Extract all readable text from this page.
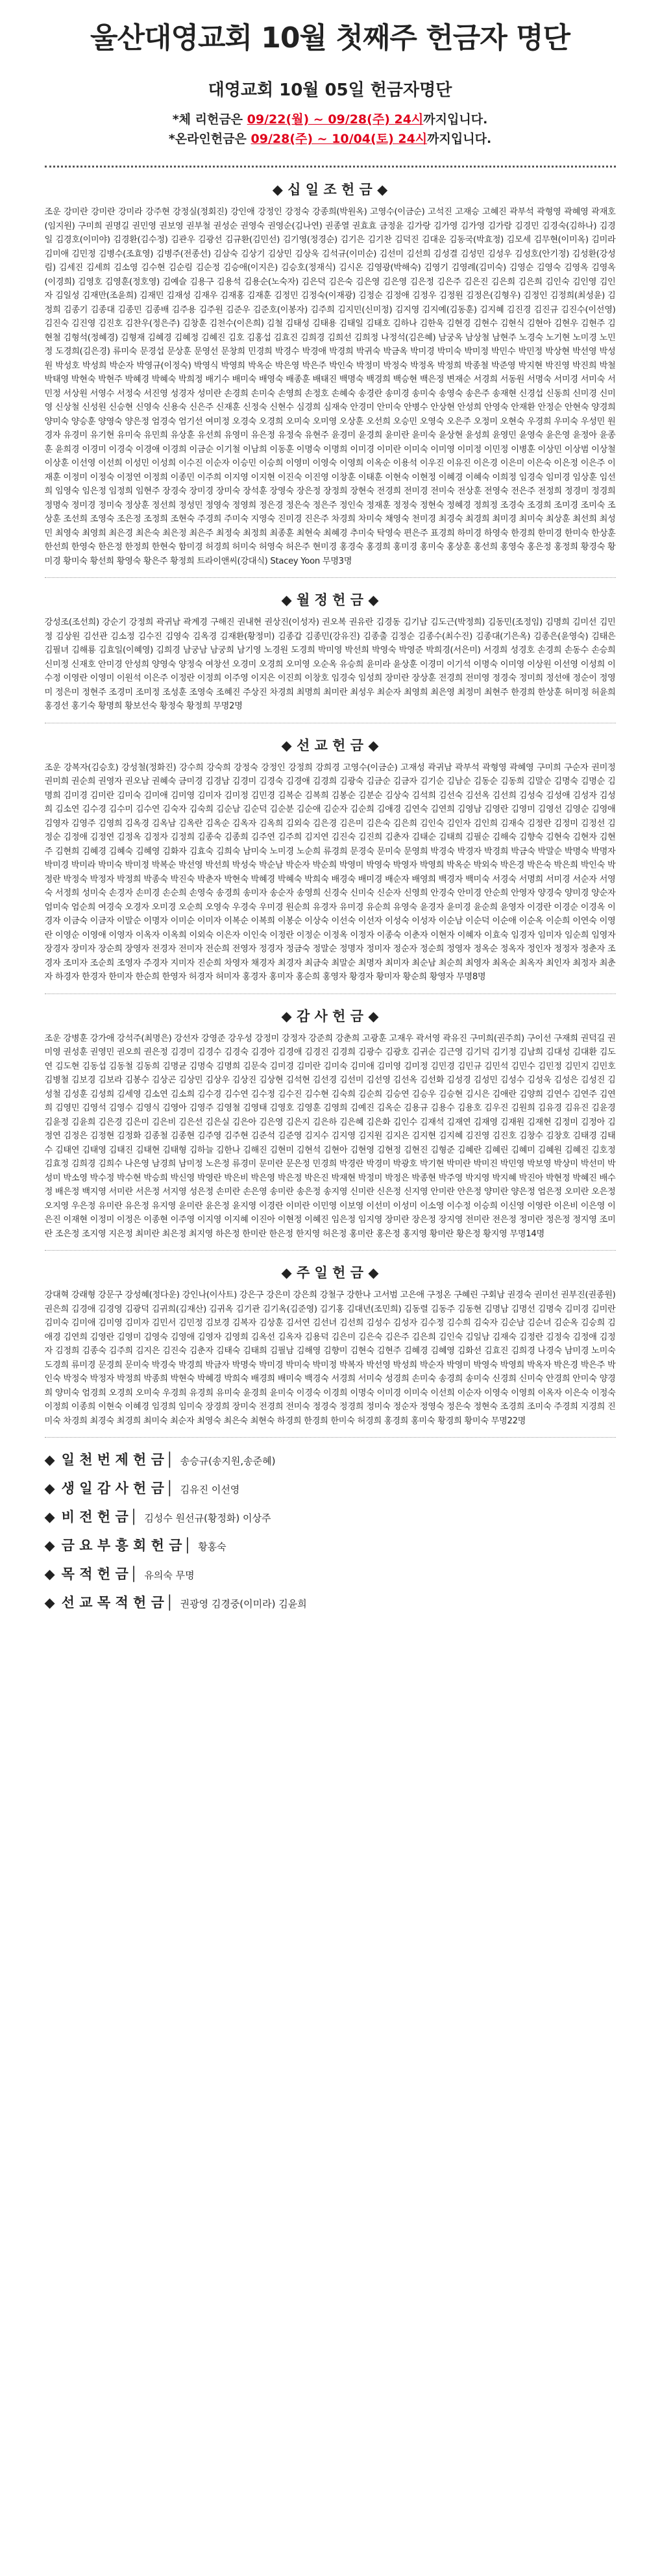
울산대영교회 10월 첫째주 헌금자 명단
대영교회 10월 05일 헌금자명단
*체 리헌금은 09/22(월) ~ 09/28(주) 24시까지입니다.
*온라인헌금은 09/28(주) ~ 10/04(토) 24시까지입니다.
◆ 십 일 조 헌 금 ◆
조운 강미란 강미란 강미라 강주현 강정실(정회진) 강인애 강정인 강정숙 강종희(박원옥) 고영수(이금순) 고석진 고재승 고혜진 곽부석 곽형영 곽혜영 곽재호(임지원) 구미희 권명길 권민영 권보영 권부철 권성순 권영숙 권영순(김나연) 권종열 권효효 금정윤 김가랑 김가영 김가영 김가람 김경민 김경숙(김하나) 김경일 김경호(이미야) 김경환(김수정) 김관우 김광선 김규환(김민선) 김기영(정경순) 김기은 김기찬 김덕진 김대운 김동국(박효정) 김모세 김무현(이미옥) 김미라 김미애 김민정 김병수(조효영) 김병주(전종선) 김삼숙 김상기 김상민 김상욱 김석규(이미순) 김선미 김선희 김성결 김성민 김성우 김성호(안기정) 김성환(강성림) 김세진 김세희 김소영 김수현 김순림 김순정 김승애(이지은) 김승호(정재식) 김시온 김영광(박해숙) 김영기 김영례(김미숙) 김영순 김영숙 김영옥 김영옥(이경희) 김영호 김영훈(정호영) 김예슬 김용구 김용석 김용순(노숙자) 김은덕 김은숙 김은영 김은영 김은정 김은주 김은진 김은희 김은희 김인숙 김인영 김인자 김일성 김재만(조윤희) 김재민 김재성 김재우 김재홍 김재훈 김정민 김정숙(이재광) 김정순 김정애 김정우 김정원 김정은(김형우) 김정인 김정희(최성윤) 김정희 김종기 김종대 김종민 김종배 김주용 김주원 김준우 김준호(이봉자) 김주희 김지민(신미정) 김지영 김지예(김동훈) 김지혜 김진경 김진규 김진수(이선영) 김진숙 김진영 김진호 김찬우(정은주) 김창훈 김천수(이은희) 김철 김태성 김태용 김태일 김태호 김하나 김한욱 김현경 김현수 김현식 김현아 김현우 김현주 김현철 김형석(정혜경) 김형재 김혜경 김혜정 김혜진 김호 김홍섭 김효진 김희경 김희선 김희정 나정석(김은혜) 남궁옥 남상철 남현주 노경숙 노기현 노미경 노민정 도경희(김은경) 류미숙 문경섭 문상훈 문영선 문창희 민경희 박경수 박경애 박경희 박귀숙 박금옥 박미경 박미숙 박미정 박민수 박민정 박상현 박선영 박성원 박성호 박성희 박순자 박영규(이정숙) 박영식 박영희 박옥순 박은영 박은주 박인숙 박정미 박정숙 박정옥 박정희 박종철 박준영 박지현 박진영 박진희 박철 박태영 박현숙 박현주 박혜경 박혜숙 박희정 배기수 배미숙 배영숙 배종훈 배태진 백명숙 백경희 백승현 백은정 변재순 서경희 서동원 서명숙 서미경 서미숙 서민정 서상원 서영수 서정숙 서진영 성경자 성미란 손경희 손미숙 손영희 손정호 손혜숙 송경란 송미경 송미숙 송영숙 송은주 송재현 신경섭 신동희 신미경 신미영 신상철 신성원 신승현 신영숙 신용숙 신은주 신재훈 신정숙 신현수 심경희 심재숙 안경미 안미숙 안병수 안상현 안성희 안영숙 안재환 안정순 안현숙 양경희 양미숙 양승훈 양영숙 양은정 엄경숙 엄기선 여미정 오경숙 오경희 오미숙 오미영 오상훈 오선희 오승민 오영숙 오은주 오정미 오현숙 우경희 우미숙 우성민 원경자 유경미 유기현 유미숙 유민희 유상훈 유선희 유영미 유은정 유정숙 유현주 윤경미 윤경희 윤미란 윤미숙 윤상현 윤성희 윤영민 윤영숙 윤은영 윤정아 윤종훈 윤희경 이경미 이경숙 이경애 이경희 이금순 이기철 이남희 이동훈 이명숙 이명희 이미경 이미란 이미숙 이미영 이미정 이민정 이병훈 이상민 이상범 이상철 이상훈 이선영 이선희 이성민 이성희 이수진 이순자 이승민 이승희 이영미 이영숙 이영희 이옥순 이용석 이우진 이유진 이은경 이은미 이은숙 이은정 이은주 이재훈 이정미 이정숙 이정연 이정희 이종민 이주희 이지영 이지현 이진숙 이진영 이창훈 이태훈 이현숙 이현정 이혜경 이혜숙 이희정 임경숙 임미경 임상훈 임선희 임영숙 임은정 임정희 임현주 장경숙 장미경 장미숙 장석훈 장영숙 장은정 장정희 장현숙 전경희 전미경 전미숙 전상훈 전영숙 전은주 전정희 정경미 정경희 정명숙 정미경 정미숙 정상훈 정선희 정성민 정영숙 정영희 정은경 정은숙 정은주 정인숙 정재훈 정정숙 정현숙 정혜경 정희정 조경숙 조경희 조미경 조미숙 조상훈 조선희 조영숙 조은정 조정희 조현숙 주경희 주미숙 지영숙 진미경 진은주 차경희 차미숙 채영숙 천미경 최경숙 최경희 최미경 최미숙 최상훈 최선희 최성민 최영숙 최영희 최은경 최은숙 최은정 최은주 최정숙 최정희 최종훈 최현숙 최혜경 추미숙 탁영숙 편은주 표경희 하미경 하영숙 한경희 한미경 한미숙 한상훈 한선희 한영숙 한은정 한정희 한현숙 함미경 허경희 허미숙 허영숙 허은주 현미경 홍경숙 홍경희 홍미경 홍미숙 홍상훈 홍선희 홍영숙 홍은정 홍정희 황경숙 황미경 황미숙 황선희 황영숙 황은주 황정희 트라이앤씨(강대식) Stacey Yoon 무명3명
◆ 월 정 헌 금 ◆
강성조(조선희) 강순기 강정희 곽귀남 곽계경 구해진 권내현 권상진(이성자) 권오복 권유란 김경동 김기남 김도근(박정희) 김동민(조정임) 김명희 김미선 김민정 김상원 김선관 김소정 김수진 김영숙 김옥경 김재환(황정미) 김종갑 김종민(강유진) 김종출 김정순 김종수(최수진) 김종대(기은옥) 김종은(윤영숙) 김태은 김필녀 김해룡 김효일(이혜영) 김희경 남궁남 남궁희 남기영 노경원 도경희 박미영 박선희 박영숙 박영준 박희경(서은미) 서경희 성경호 손경희 손동수 손승희 신미정 신재호 안미경 안성희 양영숙 양정숙 여창선 오경미 오경희 오미영 오순옥 유승희 윤미라 윤상훈 이경미 이기석 이명숙 이미영 이상원 이선영 이성희 이수정 이영란 이영미 이원석 이은주 이정란 이정희 이주영 이지은 이진희 이창호 임경숙 임성희 장미란 장상훈 전경희 전미영 정경숙 정미희 정선애 정순이 정영미 정은미 정현주 조경미 조미정 조성훈 조영숙 조혜진 주상진 차경희 최명희 최미란 최성우 최순자 최영희 최은영 최정미 최현주 한경희 한상훈 허미정 허윤희 홍경선 홍기숙 황명희 황보선숙 황정숙 황정희 무명2명
◆ 선 교 헌 금 ◆
조운 강복자(김승호) 강성철(정화진) 강수희 강숙희 강정숙 강정인 강정희 강희경 고영수(이금순) 고재성 곽귀남 곽부석 곽형영 곽혜영 구미희 구순자 권미정 권미희 권순희 권영자 권오남 권혜숙 금미경 김경남 김경미 김경숙 김경애 김경희 김광숙 김금순 김금자 김기순 김남순 김동순 김동희 김말순 김명숙 김명순 김명희 김미경 김미란 김미숙 김미애 김미영 김미자 김미정 김민경 김복순 김복희 김봉순 김분순 김상숙 김석희 김선숙 김선옥 김선희 김성숙 김성애 김성자 김성희 김소연 김수경 김수미 김수연 김숙자 김숙희 김순남 김순덕 김순분 김순애 김순자 김순희 김애경 김연숙 김연희 김영남 김영란 김영미 김영선 김영순 김영애 김영자 김영주 김영희 김옥경 김옥남 김옥란 김옥순 김옥자 김옥희 김외숙 김은경 김은미 김은숙 김은희 김인숙 김인자 김인희 김재숙 김정란 김정미 김정선 김정순 김정애 김정연 김정옥 김정자 김정희 김종숙 김종희 김주연 김주희 김지연 김진숙 김진희 김춘자 김태순 김태희 김필순 김해숙 김향숙 김현숙 김현자 김현주 김현희 김혜경 김혜숙 김혜영 김화자 김효숙 김희숙 남미숙 노미경 노순희 류경희 문경숙 문미숙 문영희 박경숙 박경자 박경희 박금숙 박말순 박명숙 박명자 박미경 박미라 박미숙 박미정 박복순 박선영 박선희 박성숙 박순남 박순자 박순희 박영미 박영숙 박영자 박영희 박옥순 박외숙 박은경 박은숙 박은희 박인숙 박정란 박정숙 박정자 박정희 박종숙 박진숙 박춘자 박현숙 박혜경 박혜숙 박희숙 배경숙 배미경 배순자 배영희 백경자 백미숙 서경숙 서명희 서미경 서순자 서영숙 서정희 성미숙 손경자 손미경 손순희 손영숙 송경희 송미자 송순자 송영희 신경숙 신미숙 신순자 신영희 안경숙 안미경 안순희 안영자 양경숙 양미경 양순자 엄미숙 엄순희 여경숙 오경자 오미경 오순희 오영숙 우경숙 우미경 원순희 유경자 유미경 유순희 유영숙 윤경자 윤미경 윤순희 윤영자 이경란 이경순 이경옥 이경자 이금숙 이금자 이말순 이명자 이미순 이미자 이복순 이복희 이봉순 이상숙 이선숙 이선자 이성숙 이성자 이순남 이순덕 이순애 이순옥 이순희 이연숙 이영란 이영순 이영애 이영자 이옥자 이옥희 이외숙 이은자 이인숙 이정란 이정순 이정옥 이정자 이종숙 이춘자 이현자 이혜자 이효숙 임경자 임미자 임순희 임영자 장경자 장미자 장순희 장영자 전경자 전미자 전순희 전영자 정경자 정금숙 정말순 정명자 정미자 정순자 정순희 정영자 정옥순 정옥자 정인자 정정자 정춘자 조경자 조미자 조순희 조영자 주경자 지미자 진순희 차영자 채경자 최경자 최금숙 최말순 최명자 최미자 최순남 최순희 최영자 최옥순 최옥자 최인자 최정자 최춘자 하경자 한경자 한미자 한순희 한영자 허경자 허미자 홍경자 홍미자 홍순희 홍영자 황경자 황미자 황순희 황영자 무명8명
◆ 감 사 헌 금 ◆
조운 강병훈 강가애 강석주(최명은) 강선자 강영준 강우성 강정미 강정자 강준희 강춘희 고광훈 고재우 곽서영 곽유진 구미희(권주희) 구이선 구재희 권덕길 권미영 권성훈 권영민 권오희 권은정 김경미 김경수 김경숙 김경아 김경애 김경진 김경희 김광수 김광호 김귀순 김근영 김기덕 김기정 김남희 김대성 김대환 김도연 김도현 김동섭 김동철 김동희 김명균 김명숙 김명희 김문숙 김미경 김미란 김미숙 김미애 김미영 김미정 김민경 김민규 김민석 김민수 김민정 김민지 김민호 김병철 김보경 김보라 김봉수 김상곤 김상민 김상우 김상진 김상현 김석현 김선경 김선미 김선영 김선옥 김선화 김성경 김성민 김성수 김성욱 김성은 김성진 김성철 김성훈 김성희 김세영 김소연 김소희 김수경 김수연 김수정 김수진 김수현 김숙희 김순희 김승연 김승우 김승현 김시은 김애란 김양희 김연수 김연주 김연희 김영민 김영석 김영수 김영식 김영아 김영주 김영철 김영태 김영호 김영훈 김영희 김예진 김옥순 김용규 김용수 김용호 김우진 김원희 김유경 김유진 김윤경 김윤정 김윤희 김은경 김은미 김은비 김은선 김은실 김은아 김은영 김은지 김은하 김은혜 김은화 김인수 김재석 김재연 김재영 김재원 김재현 김정미 김정아 김정연 김정은 김정현 김정화 김종철 김종현 김주영 김주현 김준석 김준영 김지수 김지영 김지원 김지은 김지현 김지혜 김진영 김진호 김창수 김창호 김태경 김태수 김태연 김태영 김태진 김태현 김태형 김하늘 김한나 김해진 김현미 김현석 김현아 김현영 김현정 김현진 김형준 김혜란 김혜린 김혜미 김혜원 김혜진 김호정 김효정 김희경 김희수 나은영 남경희 남미정 노은정 류경미 문미란 문은정 민경희 박경란 박경미 박광호 박기현 박미란 박미진 박민영 박보영 박상미 박선미 박성미 박소영 박수정 박수현 박승희 박신영 박영란 박은비 박은영 박은정 박은진 박재현 박정미 박정은 박종현 박주영 박지영 박지혜 박진아 박현정 박혜진 배수정 배은정 백지영 서미란 서은정 서지영 성은정 손미란 손은영 송미란 송은정 송지영 신미란 신은정 신지영 안미란 안은정 양미란 양은정 엄은정 오미란 오은정 오지영 우은정 유미란 유은정 유지영 윤미란 윤은정 윤지영 이경란 이미란 이민영 이보영 이선미 이성미 이소영 이수정 이승희 이신영 이영란 이은비 이은영 이은진 이재현 이정미 이정은 이종현 이주영 이지영 이지혜 이진아 이현정 이혜진 임은정 임지영 장미란 장은정 장지영 전미란 전은정 정미란 정은정 정지영 조미란 조은정 조지영 지은정 최미란 최은정 최지영 하은정 한미란 한은정 한지영 허은정 홍미란 홍은정 홍지영 황미란 황은정 황지영 무명14명
◆ 주 일 헌 금 ◆
강대혁 강래형 강문구 강성혜(정다운) 강인나(이사트) 강은구 강은미 강은희 강철구 강한나 고서범 고은애 구정온 구혜린 구회남 권경숙 권미선 권부진(권종원) 권은희 김경애 김경영 김광덕 김귀희(김재산) 김귀옥 김기관 김기옥(김준영) 김기홍 김대년(조민희) 김동렬 김동주 김동현 김명남 김명선 김명숙 김미경 김미란 김미숙 김미애 김미영 김미자 김민서 김민정 김보경 김복자 김상훈 김서연 김선녀 김선희 김성수 김성자 김수정 김수희 김숙자 김순남 김순녀 김순옥 김승희 김애경 김연희 김영란 김영미 김영숙 김영애 김영자 김영희 김옥선 김옥자 김용덕 김은미 김은숙 김은주 김은희 김인숙 김일남 김재숙 김정란 김정숙 김정애 김정자 김정희 김종숙 김주희 김지은 김진숙 김춘자 김태숙 김태희 김필남 김해영 김향미 김현숙 김현주 김혜경 김혜영 김화선 김효진 김희경 나경숙 남미경 노미숙 도경희 류미경 문경희 문미숙 박경숙 박경희 박금자 박명숙 박미경 박미숙 박미정 박복자 박선영 박성희 박순자 박영미 박영숙 박영희 박옥자 박은경 박은주 박인숙 박정숙 박정자 박정희 박종희 박현숙 박혜경 박희숙 배경희 배미숙 백경숙 서경희 서미숙 성경희 손미숙 송경희 송미숙 신경희 신미숙 안경희 안미숙 양경희 양미숙 엄경희 오경희 오미숙 우경희 유경희 유미숙 윤경희 윤미숙 이경숙 이경희 이명숙 이미경 이미숙 이선희 이순자 이영숙 이영희 이옥자 이은숙 이정숙 이정희 이종희 이현숙 이혜경 임경희 임미숙 장경희 장미숙 전경희 전미숙 정경숙 정경희 정미숙 정순자 정영숙 정은숙 정현숙 조경희 조미숙 주경희 지경희 진미숙 차경희 최경숙 최경희 최미숙 최순자 최영숙 최은숙 최현숙 하경희 한경희 한미숙 허경희 홍경희 홍미숙 황경희 황미숙 무명22명
◆ 일 천 번 제 헌 금 │ 송승규(송지원,송준혜)
◆ 생 일 감 사 헌 금 │ 김유진 이선영
◆ 비 전 헌 금 │ 김성수 원선규(황정화) 이상주
◆ 금 요 부 흥 회 헌 금 │ 황홍숙
◆ 목 적 헌 금 │ 유의숙 무명
◆ 선 교 목 적 헌 금 │ 권광영 김경중(이미라) 김윤희
